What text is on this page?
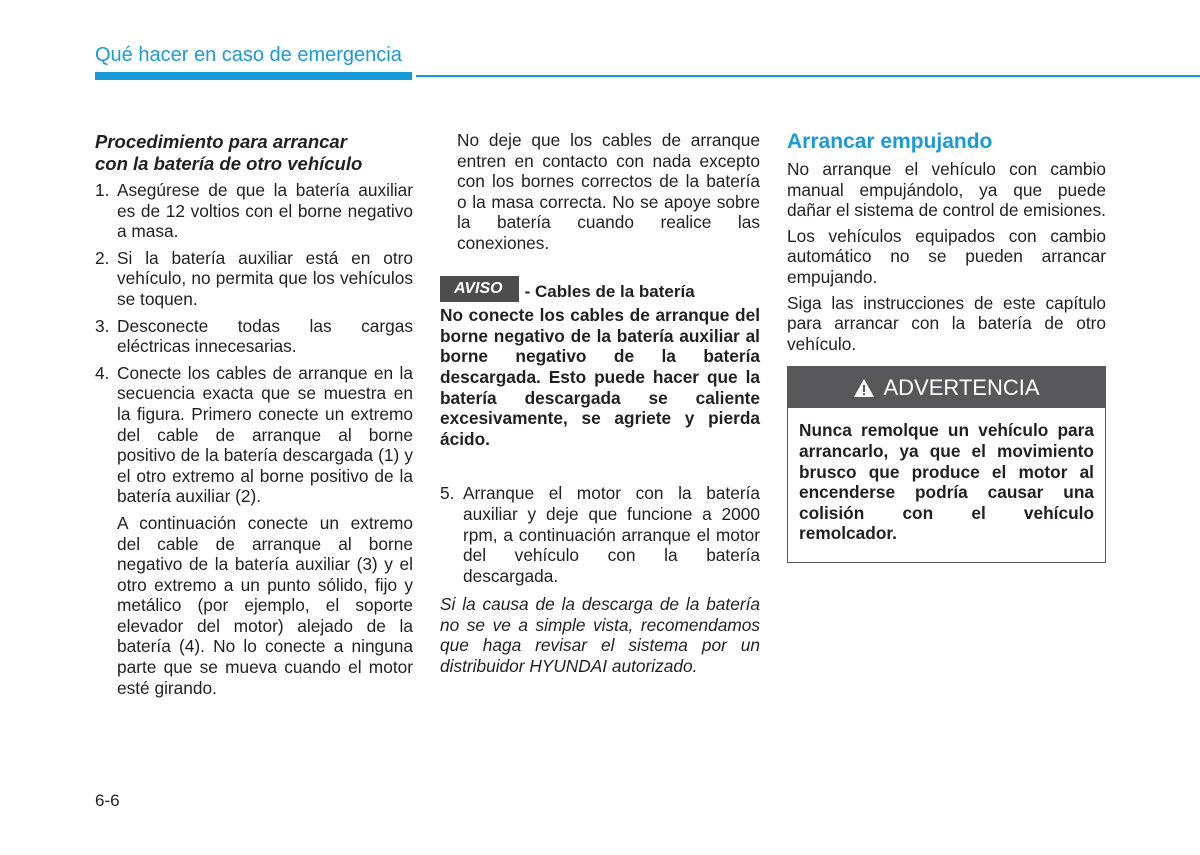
Qué hacer en caso de emergencia
Procedimiento para arrancar
con la batería de otro vehículo
1. Asegúrese de que la batería auxiliar es de 12 voltios con el borne negativo a masa.
2. Si la batería auxiliar está en otro vehículo, no permita que los vehículos se toquen.
3. Desconecte todas las cargas eléctricas innecesarias.
4. Conecte los cables de arranque en la secuencia exacta que se muestra en la figura. Primero conecte un extremo del cable de arranque al borne positivo de la batería descargada (1) y el otro extremo al borne positivo de la batería auxiliar (2).
A continuación conecte un extremo del cable de arranque al borne negativo de la batería auxiliar (3) y el otro extremo a un punto sólido, fijo y metálico (por ejemplo, el soporte elevador del motor) alejado de la batería (4). No lo conecte a ninguna parte que se mueva cuando el motor esté girando.
No deje que los cables de arranque entren en contacto con nada excepto con los bornes correctos de la batería o la masa correcta. No se apoye sobre la batería cuando realice las conexiones.
AVISO	- Cables de la batería
No conecte los cables de arranque del borne negativo de la batería auxiliar al borne negativo de la batería descargada. Esto puede hacer que la batería descargada se caliente excesivamente, se agriete y pierda ácido.
5. Arranque el motor con la batería auxiliar y deje que funcione a 2000 rpm, a continuación arranque el motor del vehículo con la batería descargada.
Si la causa de la descarga de la batería no se ve a simple vista, recomendamos que haga revisar el sistema por un distribuidor HYUNDAI autorizado.
Arrancar empujando
No arranque el vehículo con cambio manual empujándolo, ya que puede dañar el sistema de control de emisiones.
Los vehículos equipados con cambio automático no se pueden arrancar empujando.
Siga las instrucciones de este capítulo para arrancar con la batería de otro vehículo.
ADVERTENCIA
Nunca remolque un vehículo para arrancarlo, ya que el movimiento brusco que produce el motor al encenderse podría causar una colisión con el vehículo remolcador.
6-6
